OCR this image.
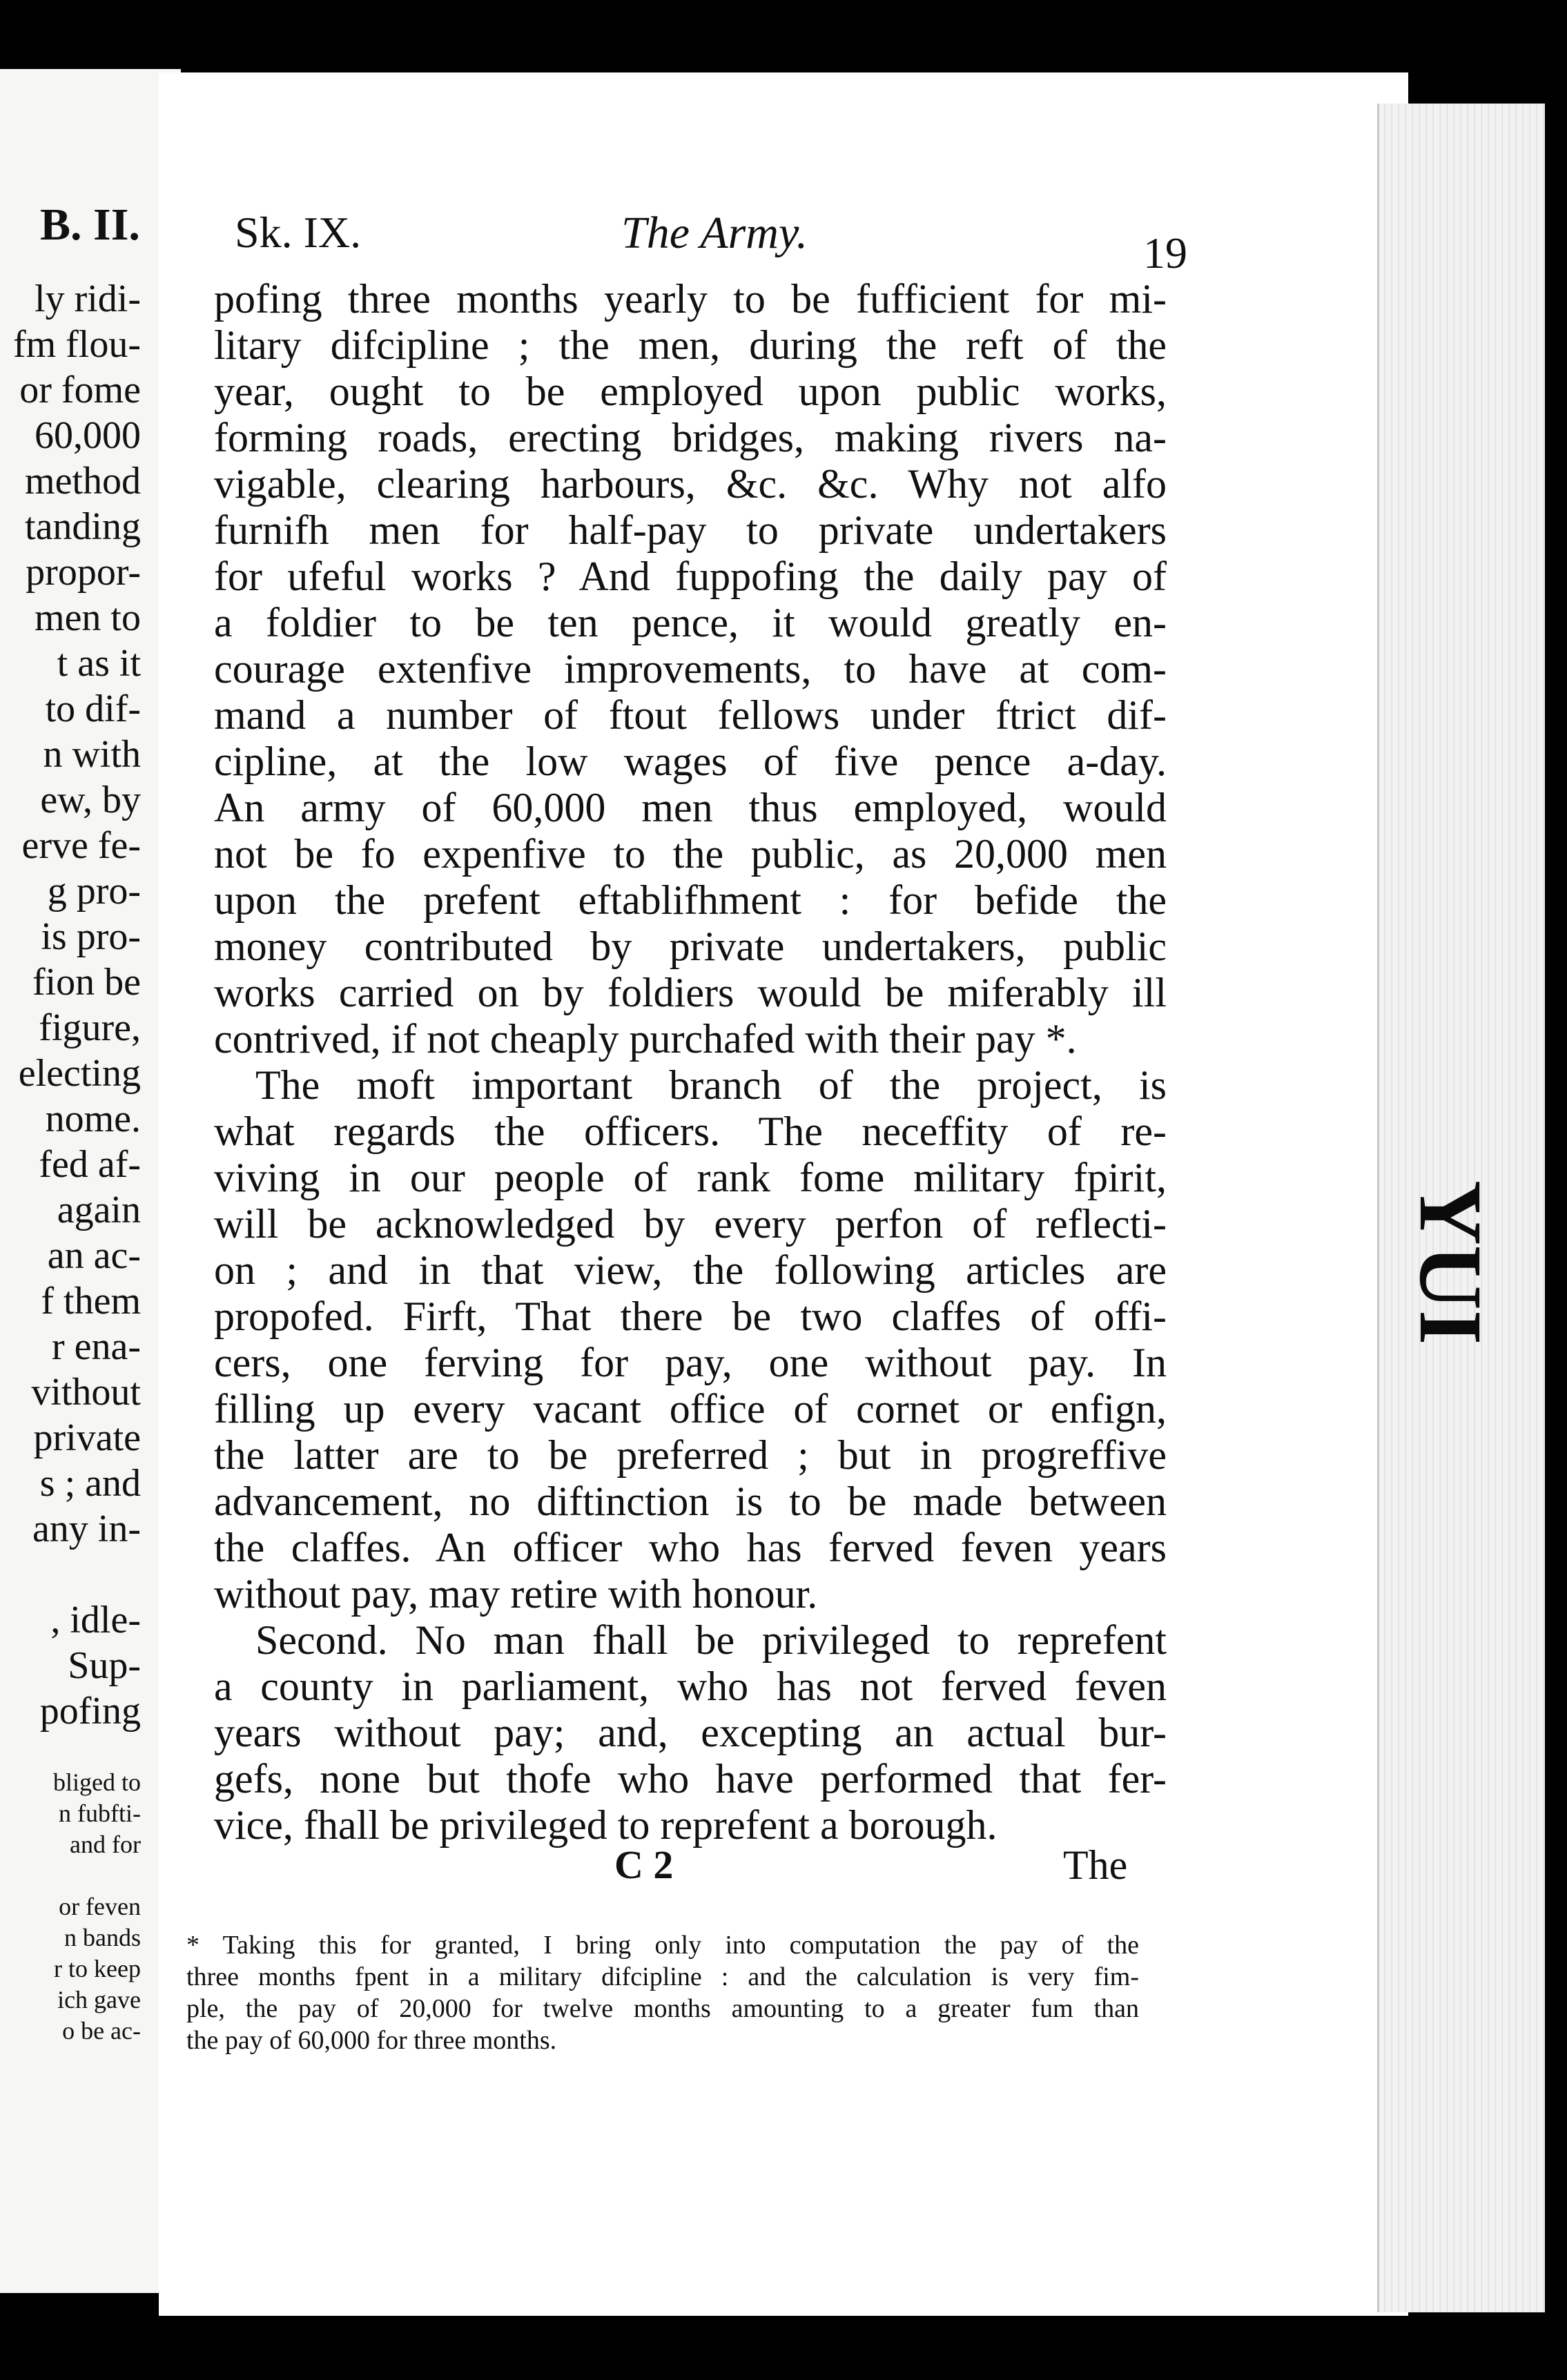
B. II.
ly ridi-
fm flou-
or fome
60,000
method
tanding
propor-
men to
t as it
to dif-
n with
ew, by
erve fe-
g pro-
is pro-
fion be
figure,
electing
nome.
fed af-
again
an ac-
f them
r ena-
vithout
private
s ; and
any in-
, idle-
Sup-
pofing
bliged to
n fubfti-
and for
or feven
n bands
r to keep
ich gave
o be ac-
YUI
Sk. IX.	The Army.	19
pofing three months yearly to be fufficient for mi-
litary difcipline ; the men, during the reft of the
year, ought to be employed upon public works,
forming roads, erecting bridges, making rivers na-
vigable, clearing harbours, &c. &c. Why not alfo
furnifh men for half-pay to private undertakers
for ufeful works ? And fuppofing the daily pay of
a foldier to be ten pence, it would greatly en-
courage extenfive improvements, to have at com-
mand a number of ftout fellows under ftrict dif-
cipline, at the low wages of five pence a-day.
An army of 60,000 men thus employed, would
not be fo expenfive to the public, as 20,000 men
upon the prefent eftablifhment : for befide the
money contributed by private undertakers, public
works carried on by foldiers would be miferably ill
contrived, if not cheaply purchafed with their pay *.
The moft important branch of the project, is
what regards the officers. The neceffity of re-
viving in our people of rank fome military fpirit,
will be acknowledged by every perfon of reflecti-
on ; and in that view, the following articles are
propofed. Firft, That there be two claffes of offi-
cers, one ferving for pay, one without pay. In
filling up every vacant office of cornet or enfign,
the latter are to be preferred ; but in progreffive
advancement, no diftinction is to be made between
the claffes. An officer who has ferved feven years
without pay, may retire with honour.
Second. No man fhall be privileged to reprefent
a county in parliament, who has not ferved feven
years without pay; and, excepting an actual bur-
gefs, none but thofe who have performed that fer-
vice, fhall be privileged to reprefent a borough.
C 2	The
* Taking this for granted, I bring only into computation the pay of the
three months fpent in a military difcipline : and the calculation is very fim-
ple, the pay of 20,000 for twelve months amounting to a greater fum than
the pay of 60,000 for three months.
